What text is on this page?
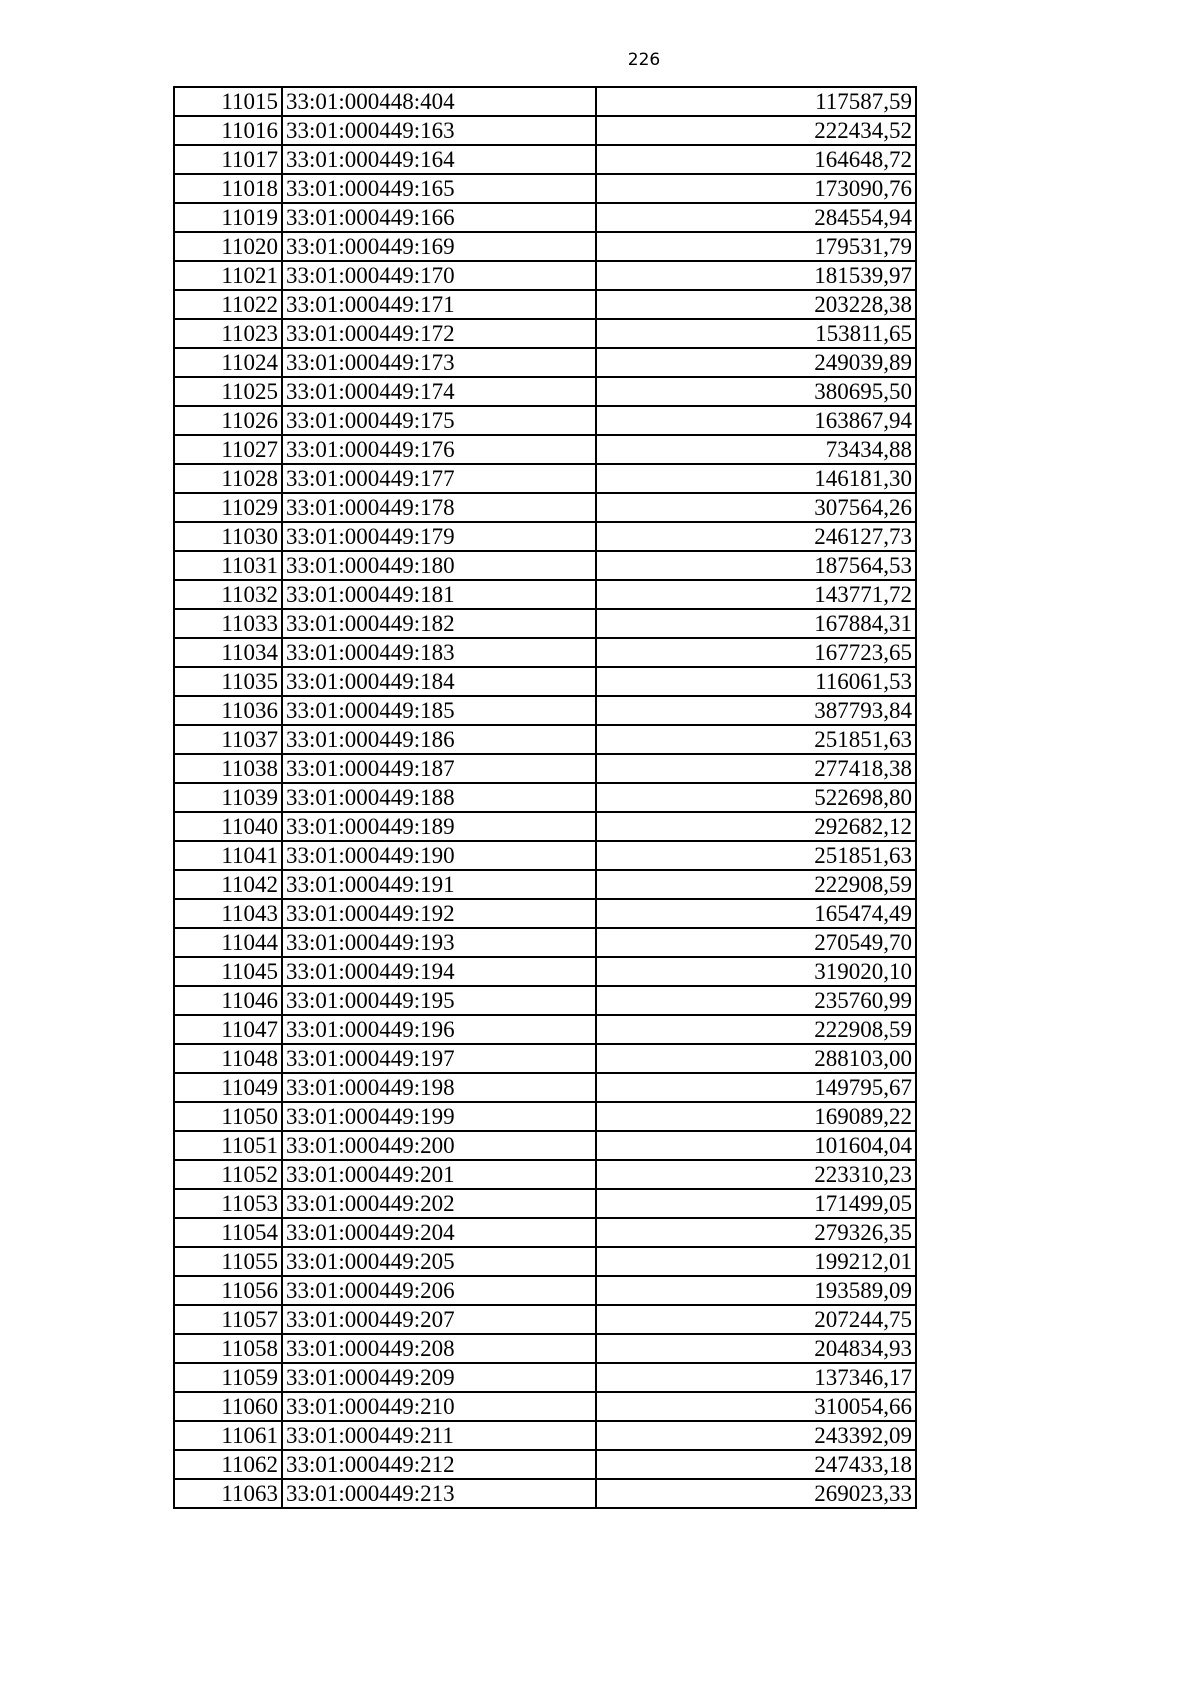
226
11015	33:01:000448:404	117587,59
11016	33:01:000449:163	222434,52
11017	33:01:000449:164	164648,72
11018	33:01:000449:165	173090,76
11019	33:01:000449:166	284554,94
11020	33:01:000449:169	179531,79
11021	33:01:000449:170	181539,97
11022	33:01:000449:171	203228,38
11023	33:01:000449:172	153811,65
11024	33:01:000449:173	249039,89
11025	33:01:000449:174	380695,50
11026	33:01:000449:175	163867,94
11027	33:01:000449:176	73434,88
11028	33:01:000449:177	146181,30
11029	33:01:000449:178	307564,26
11030	33:01:000449:179	246127,73
11031	33:01:000449:180	187564,53
11032	33:01:000449:181	143771,72
11033	33:01:000449:182	167884,31
11034	33:01:000449:183	167723,65
11035	33:01:000449:184	116061,53
11036	33:01:000449:185	387793,84
11037	33:01:000449:186	251851,63
11038	33:01:000449:187	277418,38
11039	33:01:000449:188	522698,80
11040	33:01:000449:189	292682,12
11041	33:01:000449:190	251851,63
11042	33:01:000449:191	222908,59
11043	33:01:000449:192	165474,49
11044	33:01:000449:193	270549,70
11045	33:01:000449:194	319020,10
11046	33:01:000449:195	235760,99
11047	33:01:000449:196	222908,59
11048	33:01:000449:197	288103,00
11049	33:01:000449:198	149795,67
11050	33:01:000449:199	169089,22
11051	33:01:000449:200	101604,04
11052	33:01:000449:201	223310,23
11053	33:01:000449:202	171499,05
11054	33:01:000449:204	279326,35
11055	33:01:000449:205	199212,01
11056	33:01:000449:206	193589,09
11057	33:01:000449:207	207244,75
11058	33:01:000449:208	204834,93
11059	33:01:000449:209	137346,17
11060	33:01:000449:210	310054,66
11061	33:01:000449:211	243392,09
11062	33:01:000449:212	247433,18
11063	33:01:000449:213	269023,33
